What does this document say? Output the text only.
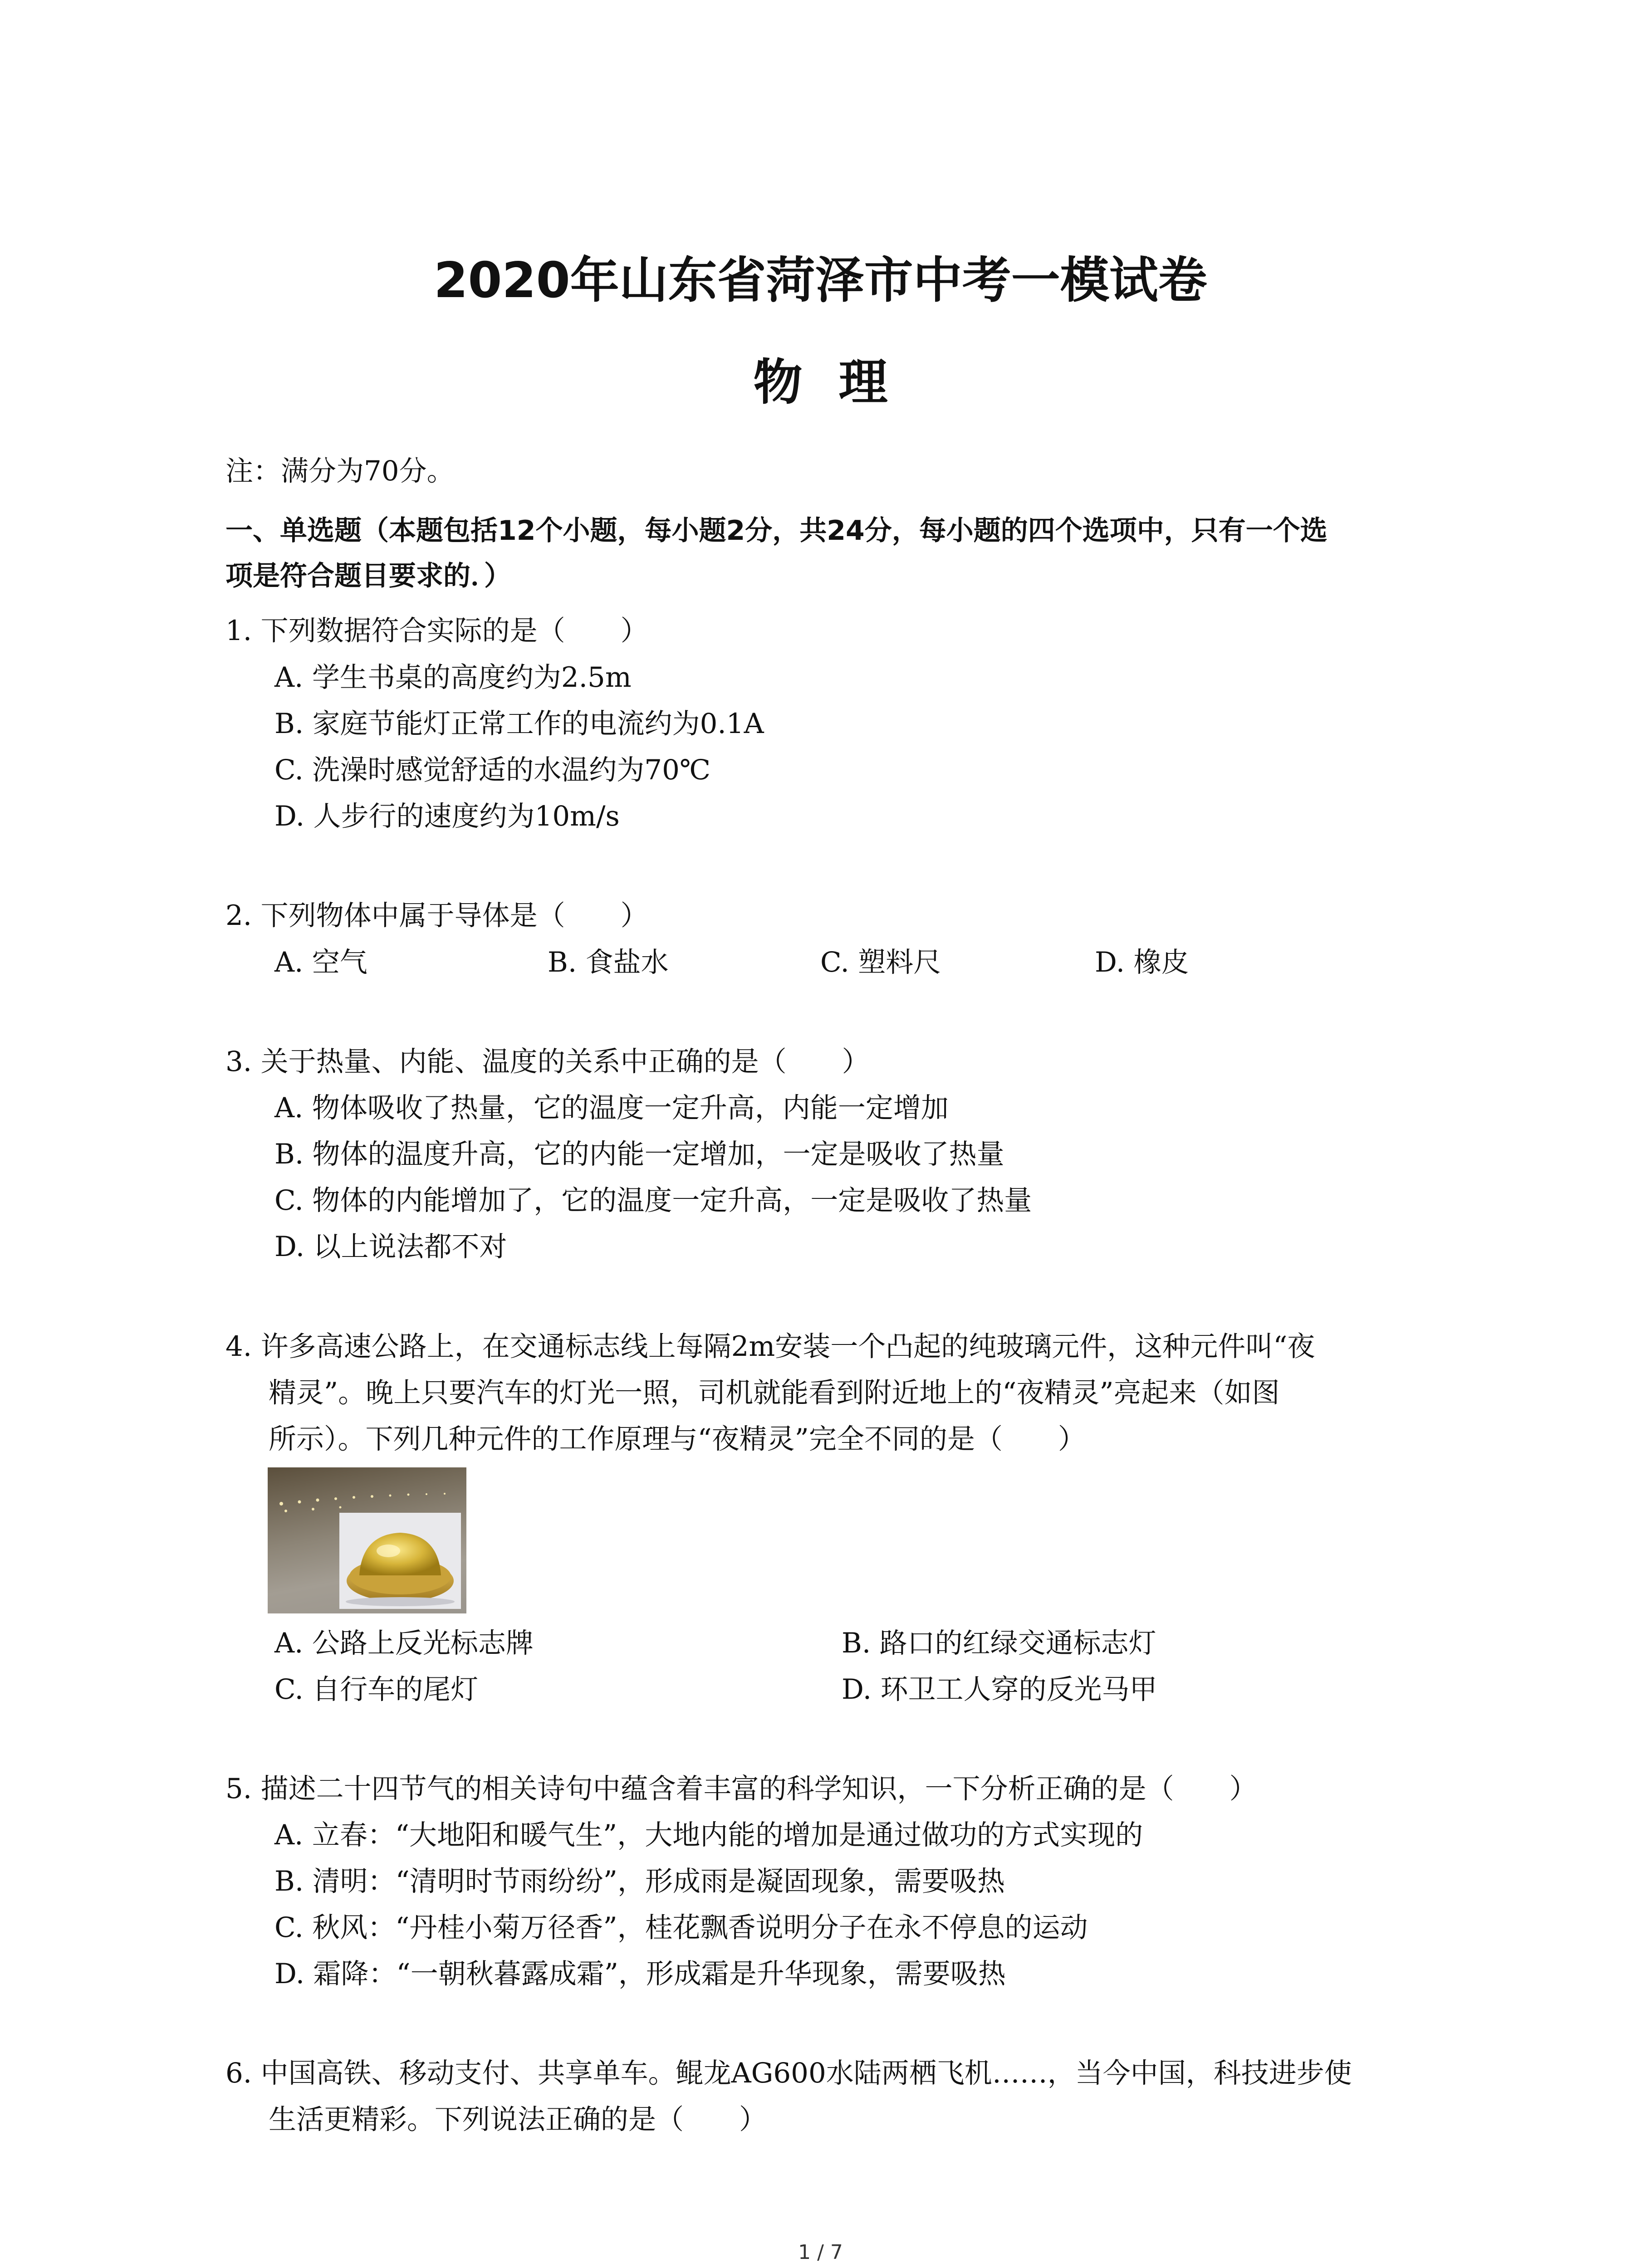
2020年山东省菏泽市中考一模试卷
物理
注：满分为70分。
一、单选题（本题包括12个小题，每小题2分，共24分，每小题的四个选项中，只有一个选
项是符合题目要求的．）
1. 下列数据符合实际的是（　　）
A. 学生书桌的高度约为2.5m
B. 家庭节能灯正常工作的电流约为0.1A
C. 洗澡时感觉舒适的水温约为70℃
D. 人步行的速度约为10m/s
2. 下列物体中属于导体是（　　）
A. 空气	B. 食盐水	C. 塑料尺	D. 橡皮
3. 关于热量、内能、温度的关系中正确的是（　　）
A. 物体吸收了热量，它的温度一定升高，内能一定增加
B. 物体的温度升高，它的内能一定增加，一定是吸收了热量
C. 物体的内能增加了，它的温度一定升高，一定是吸收了热量
D. 以上说法都不对
4. 许多高速公路上，在交通标志线上每隔2m安装一个凸起的纯玻璃元件，这种元件叫“夜
精灵”。晚上只要汽车的灯光一照，司机就能看到附近地上的“夜精灵”亮起来（如图
所示）。下列几种元件的工作原理与“夜精灵”完全不同的是（　　）
A. 公路上反光标志牌	B. 路口的红绿交通标志灯
C. 自行车的尾灯	D. 环卫工人穿的反光马甲
5. 描述二十四节气的相关诗句中蕴含着丰富的科学知识，一下分析正确的是（　　）
A. 立春：“大地阳和暖气生”，大地内能的增加是通过做功的方式实现的
B. 清明：“清明时节雨纷纷”，形成雨是凝固现象，需要吸热
C. 秋风：“丹桂小菊万径香”，桂花飘香说明分子在永不停息的运动
D. 霜降：“一朝秋暮露成霜”，形成霜是升华现象，需要吸热
6. 中国高铁、移动支付、共享单车。鲲龙AG600水陆两栖飞机……，当今中国，科技进步使
生活更精彩。下列说法正确的是（　　）
1 / 7
